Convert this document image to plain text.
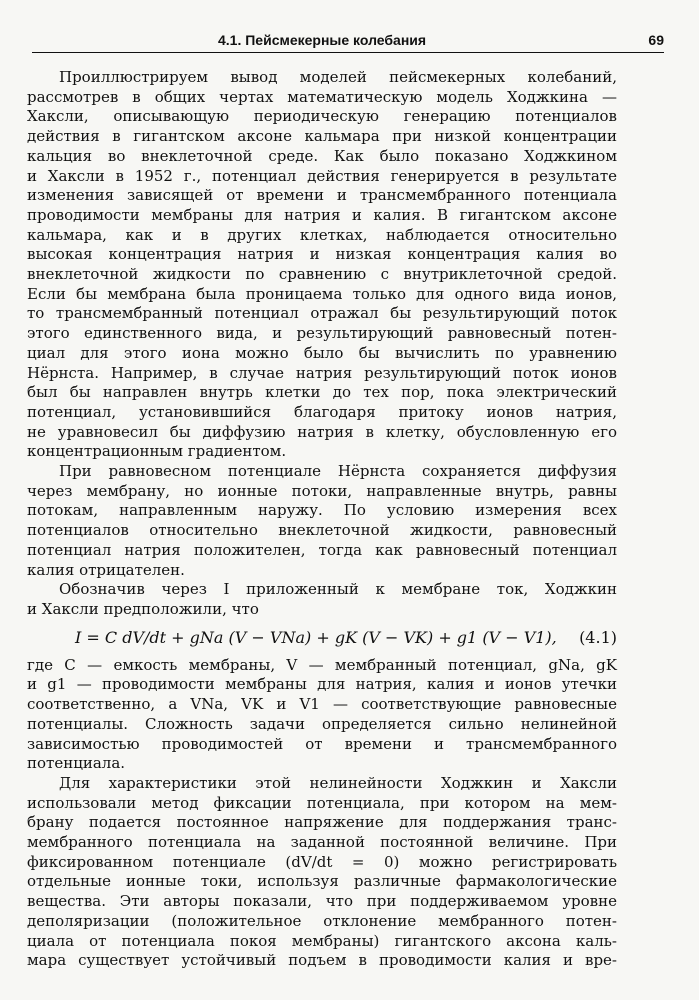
4.1. Пейсмекерные колебания	69
Проиллюстрируем вывод моделей пейсмекерных колебаний,
рассмотрев в общих чертах математическую модель Ходжкина —
Хаксли, описывающую периодическую генерацию потенциалов
действия в гигантском аксоне кальмара при низкой концентрации
кальция во внеклеточной среде. Как было показано Ходжкином
и Хаксли в 1952 г., потенциал действия генерируется в результате
изменения зависящей от времени и трансмембранного потенциала
проводимости мембраны для натрия и калия. В гигантском аксоне
кальмара, как и в других клетках, наблюдается относительно
высокая концентрация натрия и низкая концентрация калия во
внеклеточной жидкости по сравнению с внутриклеточной средой.
Если бы мембрана была проницаема только для одного вида ионов,
то трансмембранный потенциал отражал бы результирующий поток
этого единственного вида, и результирующий равновесный потен-
циал для этого иона можно было бы вычислить по уравнению
Нёрнста. Например, в случае натрия результирующий поток ионов
был бы направлен внутрь клетки до тех пор, пока электрический
потенциал, установившийся благодаря притоку ионов натрия,
не уравновесил бы диффузию натрия в клетку, обусловленную его
концентрационным градиентом.
При равновесном потенциале Нёрнста сохраняется диффузия
через мембрану, но ионные потоки, направленные внутрь, равны
потокам, направленным наружу. По условию измерения всех
потенциалов относительно внеклеточной жидкости, равновесный
потенциал натрия положителен, тогда как равновесный потенциал
калия отрицателен.
Обозначив через I приложенный к мембране ток, Ходжкин
и Хаксли предположили, что
I = C dV/dt + gNa (V − VNa) + gK (V − VK) + g1 (V − V1), (4.1)
где C — емкость мембраны, V — мембранный потенциал, gNa, gK
и g1 — проводимости мембраны для натрия, калия и ионов утечки
соответственно, а VNa, VK и V1 — соответствующие равновесные
потенциалы. Сложность задачи определяется сильно нелинейной
зависимостью проводимостей от времени и трансмембранного
потенциала.
Для характеристики этой нелинейности Ходжкин и Хаксли
использовали метод фиксации потенциала, при котором на мем-
брану подается постоянное напряжение для поддержания транс-
мембранного потенциала на заданной постоянной величине. При
фиксированном потенциале (dV/dt = 0) можно регистрировать
отдельные ионные токи, используя различные фармакологические
вещества. Эти авторы показали, что при поддерживаемом уровне
деполяризации (положительное отклонение мембранного потен-
циала от потенциала покоя мембраны) гигантского аксона каль-
мара существует устойчивый подъем в проводимости калия и вре-
